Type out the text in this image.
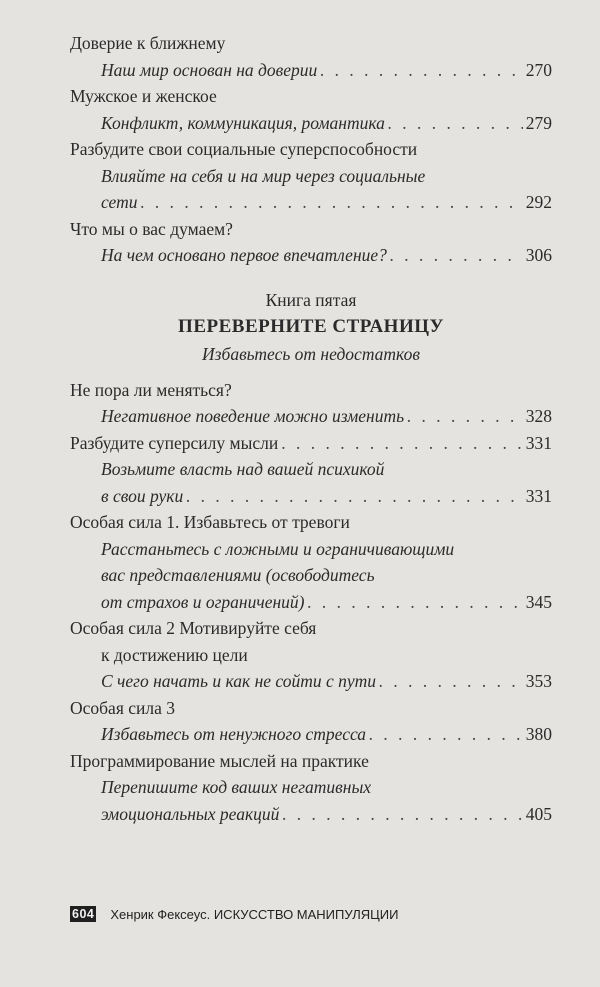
Доверие к ближнему
Наш мир основан на доверии . . .	270
Мужское и женское
Конфликт, коммуникация, романтика . . .	279
Разбудите свои социальные суперспособности
Влияйте на себя и на мир через социальные
сети . . .	292
Что мы о вас думаем?
На чем основано первое впечатление? . . .	306
Книга пятая
ПЕРЕВЕРНИТЕ СТРАНИЦУ
Избавьтесь от недостатков
Не пора ли меняться?
Негативное поведение можно изменить . . .	328
Разбудите суперсилу мысли . . .	331
Возьмите власть над вашей психикой
в свои руки . . .	331
Особая сила 1. Избавьтесь от тревоги
Расстаньтесь с ложными и ограничивающими
вас представлениями (освободитесь
от страхов и ограничений) . . .	345
Особая сила 2 Мотивируйте себя
к достижению цели
С чего начать и как не сойти с пути . . .	353
Особая сила 3
Избавьтесь от ненужного стресса . . .	380
Программирование мыслей на практике
Перепишите код ваших негативных
эмоциональных реакций . . .	405
604 Хенрик Фексеус. ИСКУССТВО МАНИПУЛЯЦИИ
